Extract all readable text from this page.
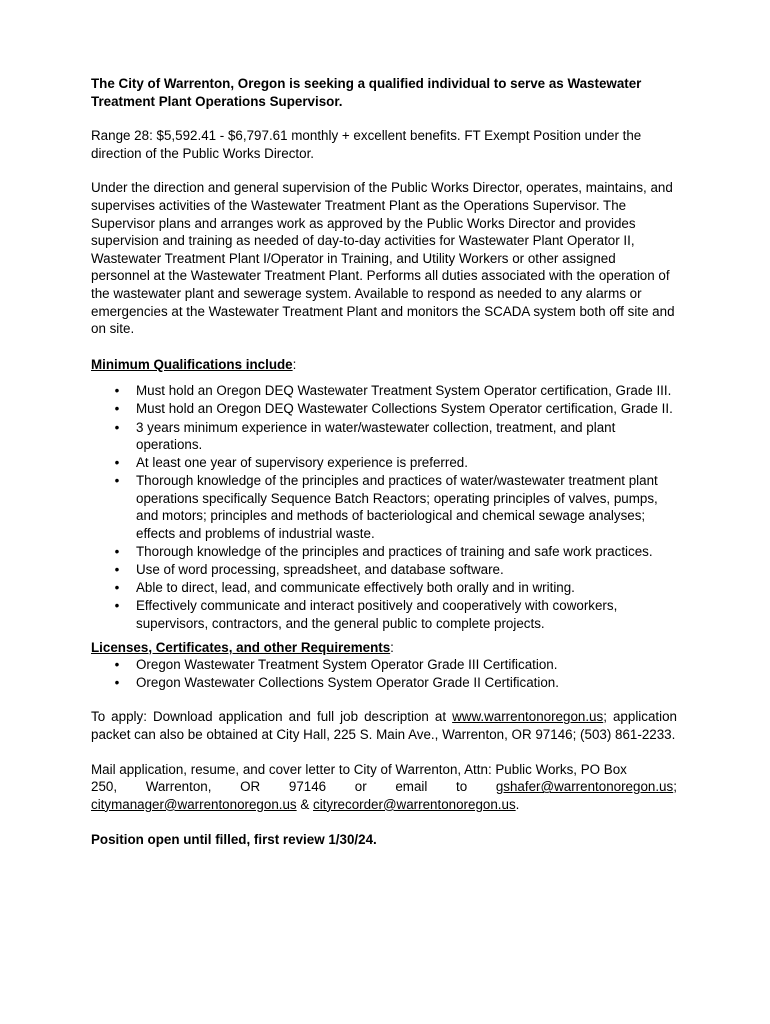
The City of Warrenton, Oregon is seeking a qualified individual to serve as Wastewater Treatment Plant Operations Supervisor.

Range 28: $5,592.41 - $6,797.61 monthly + excellent benefits. FT Exempt Position under the direction of the Public Works Director.

Under the direction and general supervision of the Public Works Director, operates, maintains, and supervises activities of the Wastewater Treatment Plant as the Operations Supervisor. The Supervisor plans and arranges work as approved by the Public Works Director and provides supervision and training as needed of day-to-day activities for Wastewater Plant Operator II, Wastewater Treatment Plant I/Operator in Training, and Utility Workers or other assigned personnel at the Wastewater Treatment Plant. Performs all duties associated with the operation of the wastewater plant and sewerage system. Available to respond as needed to any alarms or emergencies at the Wastewater Treatment Plant and monitors the SCADA system both off site and on site.

Minimum Qualifications include:

• Must hold an Oregon DEQ Wastewater Treatment System Operator certification, Grade III.
• Must hold an Oregon DEQ Wastewater Collections System Operator certification, Grade II.
• 3 years minimum experience in water/wastewater collection, treatment, and plant operations.
• At least one year of supervisory experience is preferred.
• Thorough knowledge of the principles and practices of water/wastewater treatment plant operations specifically Sequence Batch Reactors; operating principles of valves, pumps, and motors; principles and methods of bacteriological and chemical sewage analyses; effects and problems of industrial waste.
• Thorough knowledge of the principles and practices of training and safe work practices.
• Use of word processing, spreadsheet, and database software.
• Able to direct, lead, and communicate effectively both orally and in writing.
• Effectively communicate and interact positively and cooperatively with coworkers, supervisors, contractors, and the general public to complete projects.

Licenses, Certificates, and other Requirements:

• Oregon Wastewater Treatment System Operator Grade III Certification.
• Oregon Wastewater Collections System Operator Grade II Certification.

To apply: Download application and full job description at www.warrentonoregon.us; application packet can also be obtained at City Hall, 225 S. Main Ave., Warrenton, OR 97146; (503) 861-2233.

Mail application, resume, and cover letter to City of Warrenton, Attn: Public Works, PO Box

250, Warrenton, OR 97146 or email to gshafer@warrentonoregon.us;

citymanager@warrentonoregon.us & cityrecorder@warrentonoregon.us.

Position open until filled, first review 1/30/24.
